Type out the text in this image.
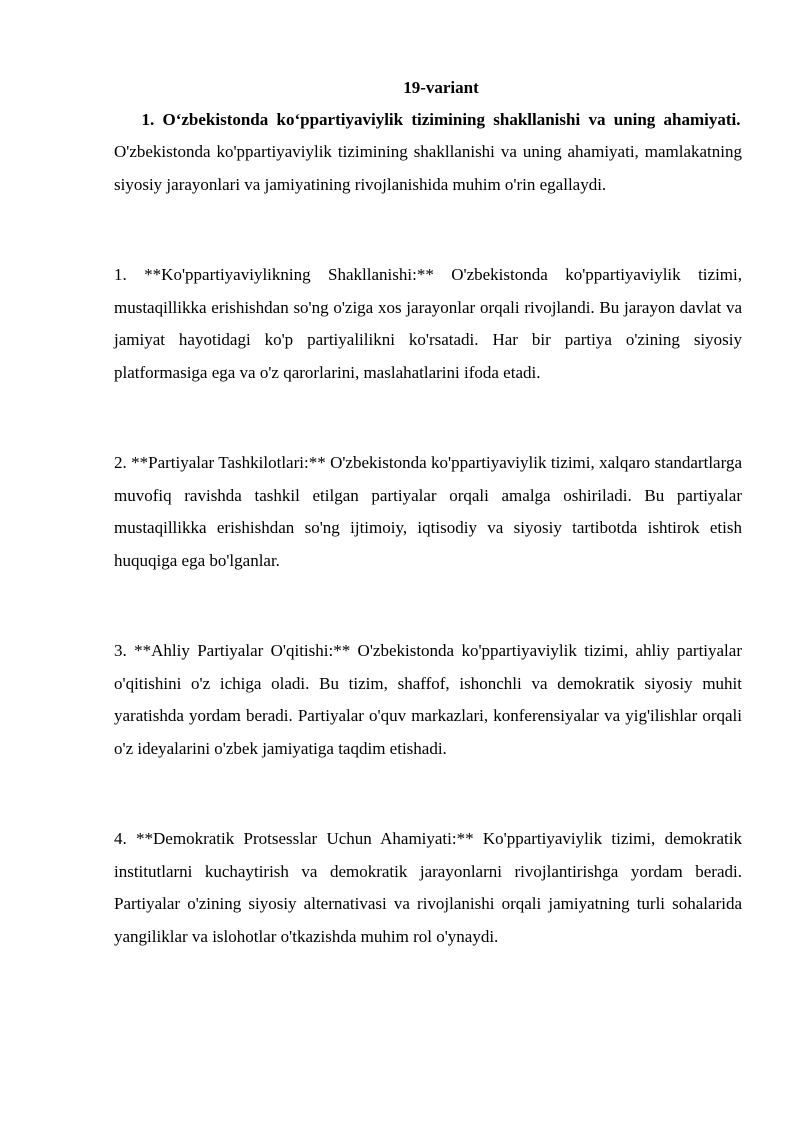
19-variant

1. O‘zbekistonda ko‘ppartiyaviylik tizimining shakllanishi va uning ahamiyati.

O'zbekistonda ko'ppartiyaviylik tizimining shakllanishi va uning ahamiyati, mamlakatning siyosiy jarayonlari va jamiyatining rivojlanishida muhim o'rin egallaydi.

1. **Ko'ppartiyaviylikning Shakllanishi:** O'zbekistonda ko'ppartiyaviylik tizimi, mustaqillikka erishishdan so'ng o'ziga xos jarayonlar orqali rivojlandi. Bu jarayon davlat va jamiyat hayotidagi ko'p partiyalilikni ko'rsatadi. Har bir partiya o'zining siyosiy platformasiga ega va o'z qarorlarini, maslahatlarini ifoda etadi.

2. **Partiyalar Tashkilotlari:** O'zbekistonda ko'ppartiyaviylik tizimi, xalqaro standartlarga muvofiq ravishda tashkil etilgan partiyalar orqali amalga oshiriladi. Bu partiyalar mustaqillikka erishishdan so'ng ijtimoiy, iqtisodiy va siyosiy tartibotda ishtirok etish huquqiga ega bo'lganlar.

3. **Ahliy Partiyalar O'qitishi:** O'zbekistonda ko'ppartiyaviylik tizimi, ahliy partiyalar o'qitishini o'z ichiga oladi. Bu tizim, shaffof, ishonchli va demokratik siyosiy muhit yaratishda yordam beradi. Partiyalar o'quv markazlari, konferensiyalar va yig'ilishlar orqali o'z ideyalarini o'zbek jamiyatiga taqdim etishadi.

4. **Demokratik Protsesslar Uchun Ahamiyati:** Ko'ppartiyaviylik tizimi, demokratik institutlarni kuchaytirish va demokratik jarayonlarni rivojlantirishga yordam beradi. Partiyalar o'zining siyosiy alternativasi va rivojlanishi orqali jamiyatning turli sohalarida yangiliklar va islohotlar o'tkazishda muhim rol o'ynaydi.
